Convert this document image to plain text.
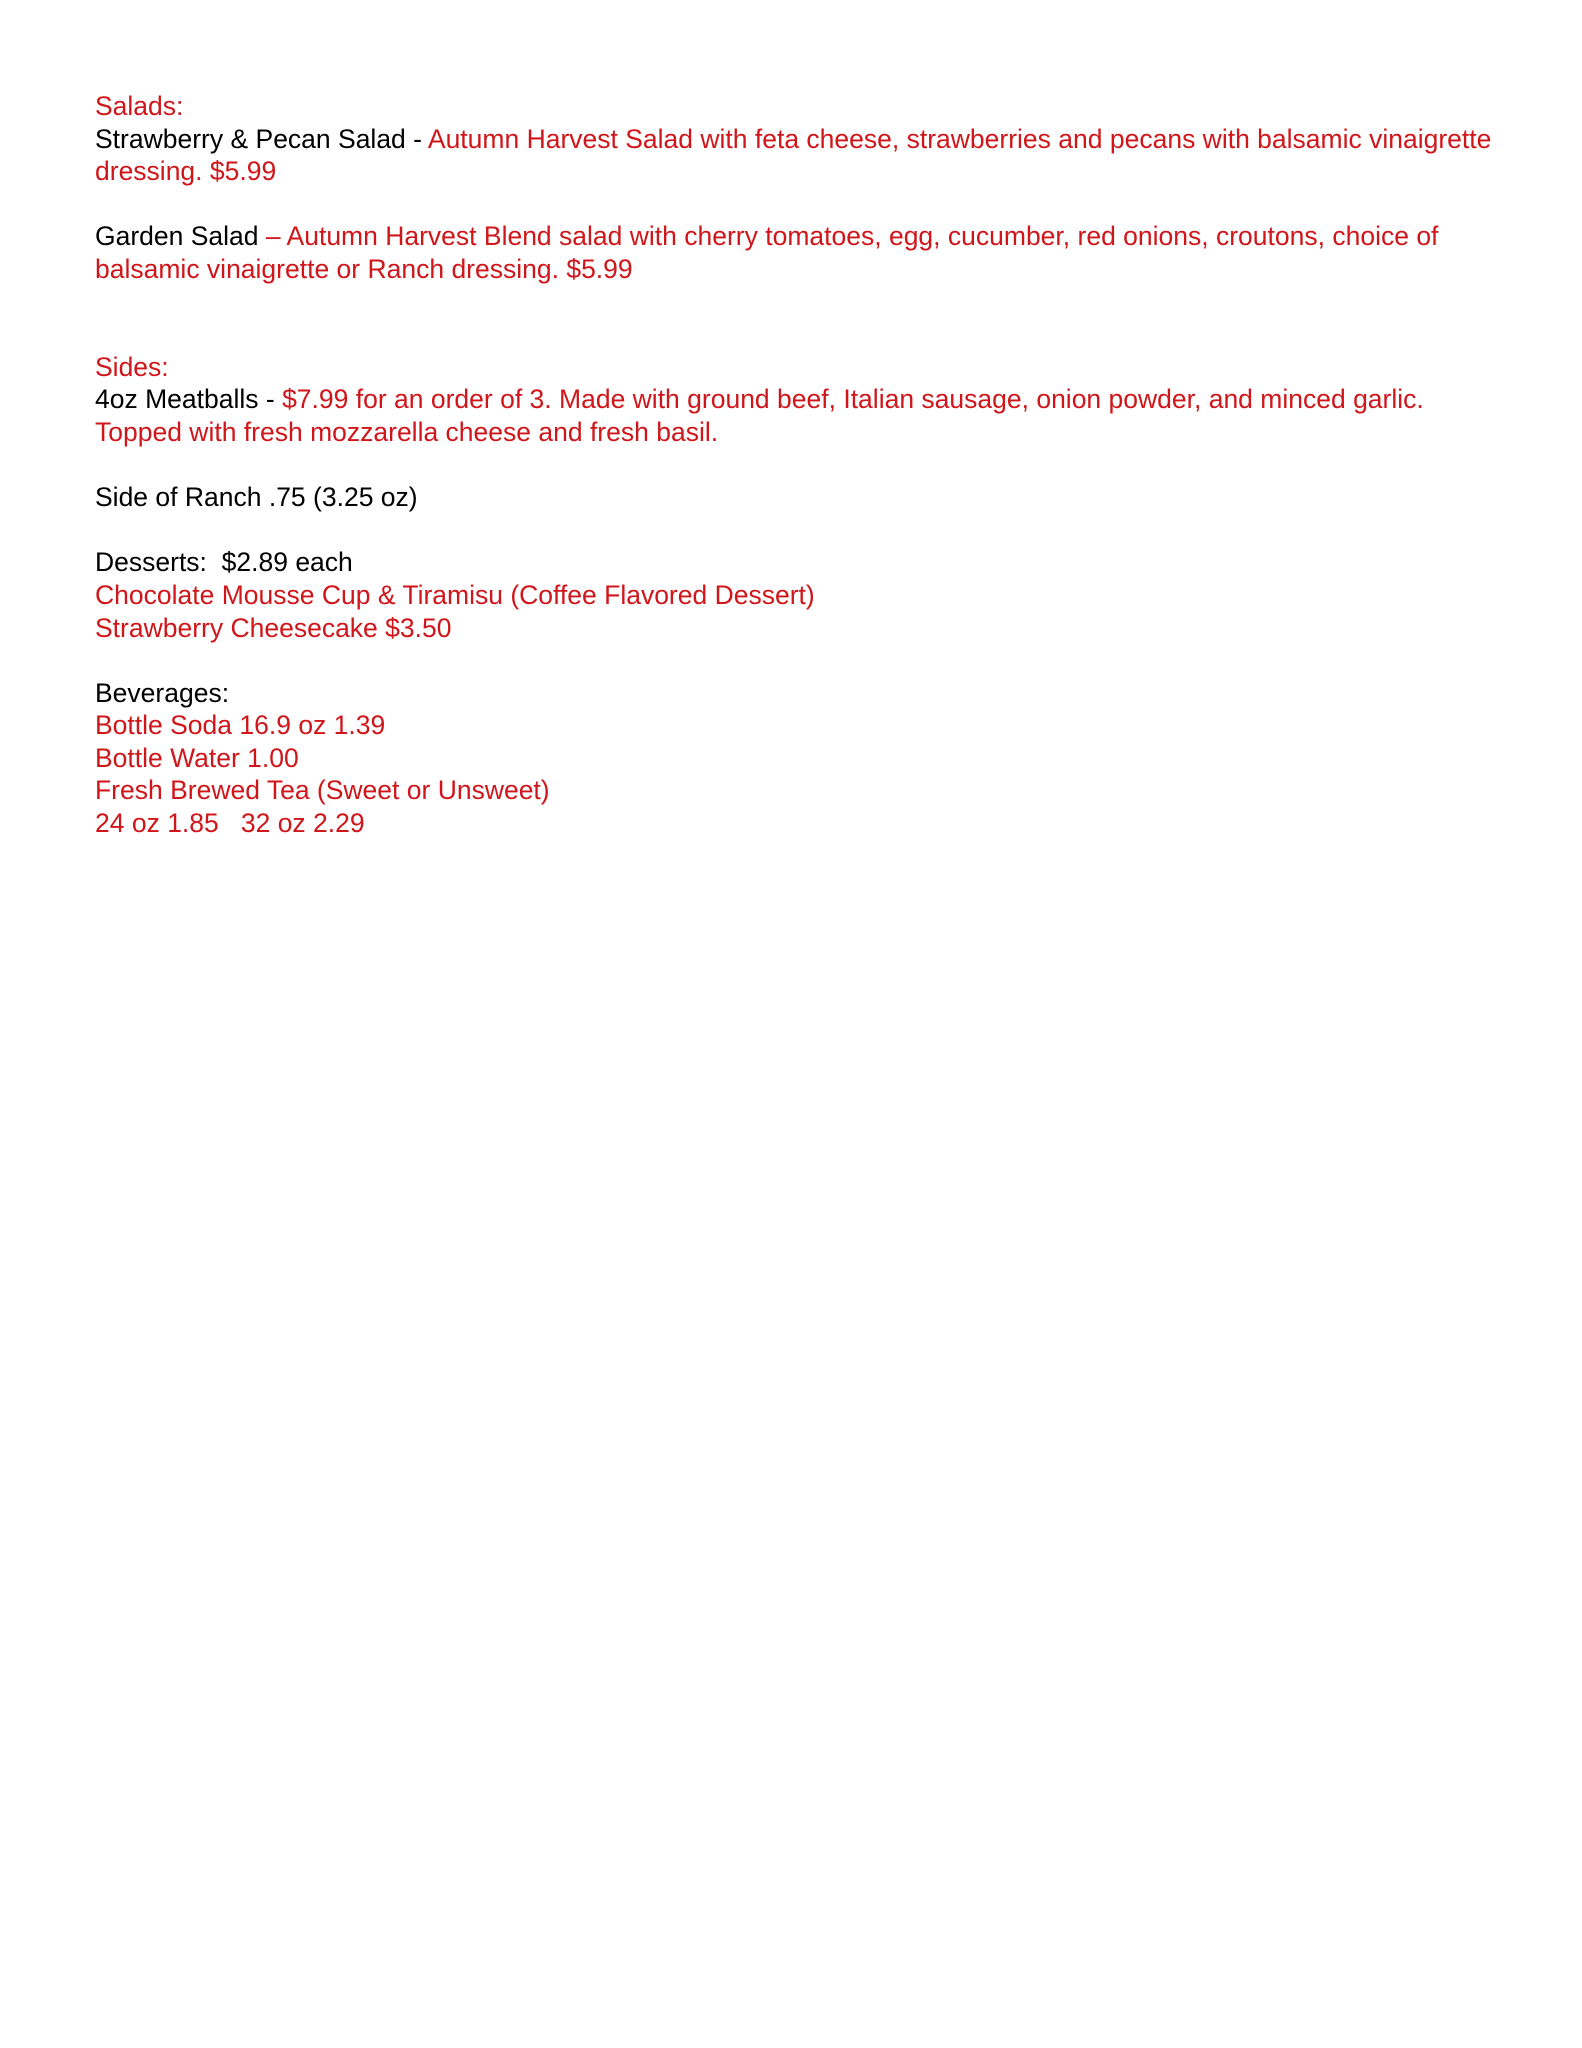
Salads:

Strawberry & Pecan Salad - Autumn Harvest Salad with feta cheese, strawberries and pecans with balsamic vinaigrette dressing. $5.99

Garden Salad – Autumn Harvest Blend salad with cherry tomatoes, egg, cucumber, red onions, croutons, choice of balsamic vinaigrette or Ranch dressing. $5.99

Sides:

4oz Meatballs - $7.99 for an order of 3. Made with ground beef, Italian sausage, onion powder, and minced garlic. Topped with fresh mozzarella cheese and fresh basil.

Side of Ranch .75 (3.25 oz)

Desserts:  $2.89 each

Chocolate Mousse Cup & Tiramisu (Coffee Flavored Dessert)

Strawberry Cheesecake $3.50

Beverages:

Bottle Soda 16.9 oz 1.39

Bottle Water 1.00

Fresh Brewed Tea (Sweet or Unsweet)

24 oz 1.85   32 oz 2.29
